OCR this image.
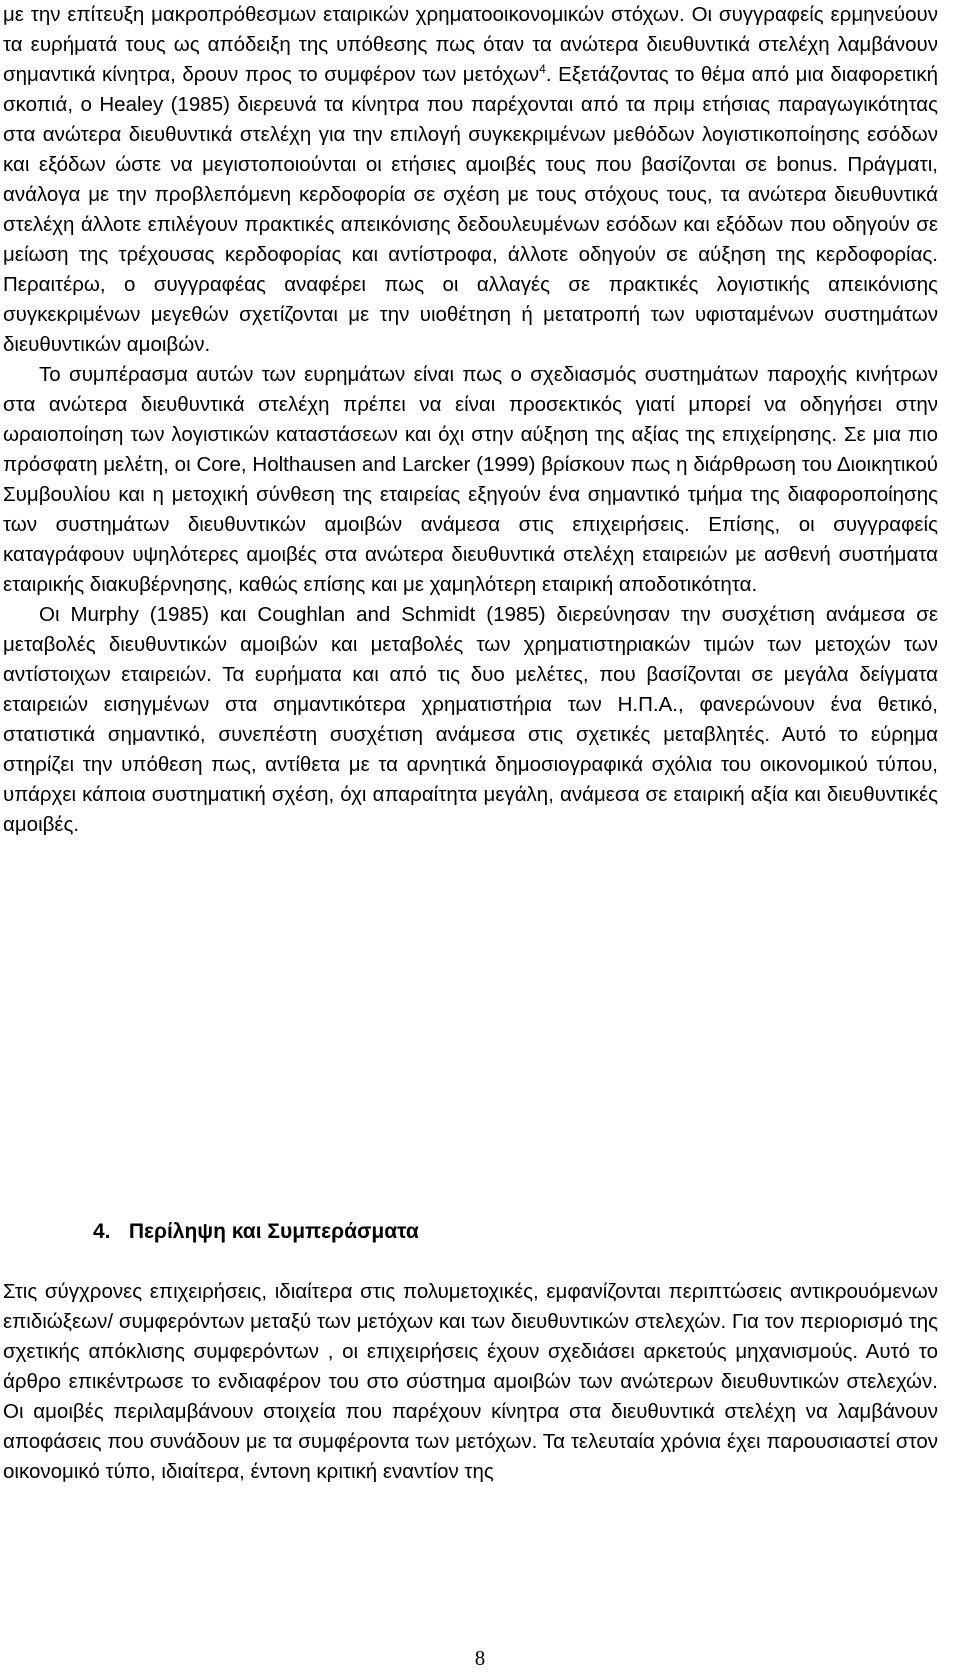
με την επίτευξη μακροπρόθεσμων εταιρικών χρηματοοικονομικών στόχων. Οι συγγραφείς ερμηνεύουν τα ευρήματά τους ως απόδειξη της υπόθεσης πως όταν τα ανώτερα διευθυντικά στελέχη λαμβάνουν σημαντικά κίνητρα, δρουν προς το συμφέρον των μετόχων$^4$. Εξετάζοντας το θέμα από μια διαφορετική σκοπιά, ο Healey (1985) διερευνά τα κίνητρα που παρέχονται από τα πριμ ετήσιας παραγωγικότητας στα ανώτερα διευθυντικά στελέχη για την επιλογή συγκεκριμένων μεθόδων λογιστικοποίησης εσόδων και εξόδων ώστε να μεγιστοποιούνται οι ετήσιες αμοιβές τους που βασίζονται σε bonus. Πράγματι, ανάλογα με την προβλεπόμενη κερδοφορία σε σχέση με τους στόχους τους, τα ανώτερα διευθυντικά στελέχη άλλοτε επιλέγουν πρακτικές απεικόνισης δεδουλευμένων εσόδων και εξόδων που οδηγούν σε μείωση της τρέχουσας κερδοφορίας και αντίστροφα, άλλοτε οδηγούν σε αύξηση της κερδοφορίας. Περαιτέρω, ο συγγραφέας αναφέρει πως οι αλλαγές σε πρακτικές λογιστικής απεικόνισης συγκεκριμένων μεγεθών σχετίζονται με την υιοθέτηση ή μετατροπή των υφισταμένων συστημάτων διευθυντικών αμοιβών.

Το συμπέρασμα αυτών των ευρημάτων είναι πως ο σχεδιασμός συστημάτων παροχής κινήτρων στα ανώτερα διευθυντικά στελέχη πρέπει να είναι προσεκτικός γιατί μπορεί να οδηγήσει στην ωραιοποίηση των λογιστικών καταστάσεων και όχι στην αύξηση της αξίας της επιχείρησης. Σε μια πιο πρόσφατη μελέτη, οι Core, Holthausen and Larcker (1999) βρίσκουν πως η διάρθρωση του Διοικητικού Συμβουλίου και η μετοχική σύνθεση της εταιρείας εξηγούν ένα σημαντικό τμήμα της διαφοροποίησης των συστημάτων διευθυντικών αμοιβών ανάμεσα στις επιχειρήσεις. Επίσης, οι συγγραφείς καταγράφουν υψηλότερες αμοιβές στα ανώτερα διευθυντικά στελέχη εταιρειών με ασθενή συστήματα εταιρικής διακυβέρνησης, καθώς επίσης και με χαμηλότερη εταιρική αποδοτικότητα.

Οι Murphy (1985) και Coughlan and Schmidt (1985) διερεύνησαν την συσχέτιση ανάμεσα σε μεταβολές διευθυντικών αμοιβών και μεταβολές των χρηματιστηριακών τιμών των μετοχών των αντίστοιχων εταιρειών. Τα ευρήματα και από τις δυο μελέτες, που βασίζονται σε μεγάλα δείγματα εταιρειών εισηγμένων στα σημαντικότερα χρηματιστήρια των Η.Π.Α., φανερώνουν ένα θετικό, στατιστικά σημαντικό, συνεπέστη συσχέτιση ανάμεσα στις σχετικές μεταβλητές. Αυτό το εύρημα στηρίζει την υπόθεση πως, αντίθετα με τα αρνητικά δημοσιογραφικά σχόλια του οικονομικού τύπου, υπάρχει κάποια συστηματική σχέση, όχι απαραίτητα μεγάλη, ανάμεσα σε εταιρική αξία και διευθυντικές αμοιβές.

4. Περίληψη και Συμπεράσματα

Στις σύγχρονες επιχειρήσεις, ιδιαίτερα στις πολυμετοχικές, εμφανίζονται περιπτώσεις αντικρουόμενων επιδιώξεων/ συμφερόντων μεταξύ των μετόχων και των διευθυντικών στελεχών. Για τον περιορισμό της σχετικής απόκλισης συμφερόντων , οι επιχειρήσεις έχουν σχεδιάσει αρκετούς μηχανισμούς. Αυτό το άρθρο επικέντρωσε το ενδιαφέρον του στο σύστημα αμοιβών των ανώτερων διευθυντικών στελεχών. Οι αμοιβές περιλαμβάνουν στοιχεία που παρέχουν κίνητρα στα διευθυντικά στελέχη να λαμβάνουν αποφάσεις που συνάδουν με τα συμφέροντα των μετόχων. Τα τελευταία χρόνια έχει παρουσιαστεί στον οικονομικό τύπο, ιδιαίτερα, έντονη κριτική εναντίον της

8
